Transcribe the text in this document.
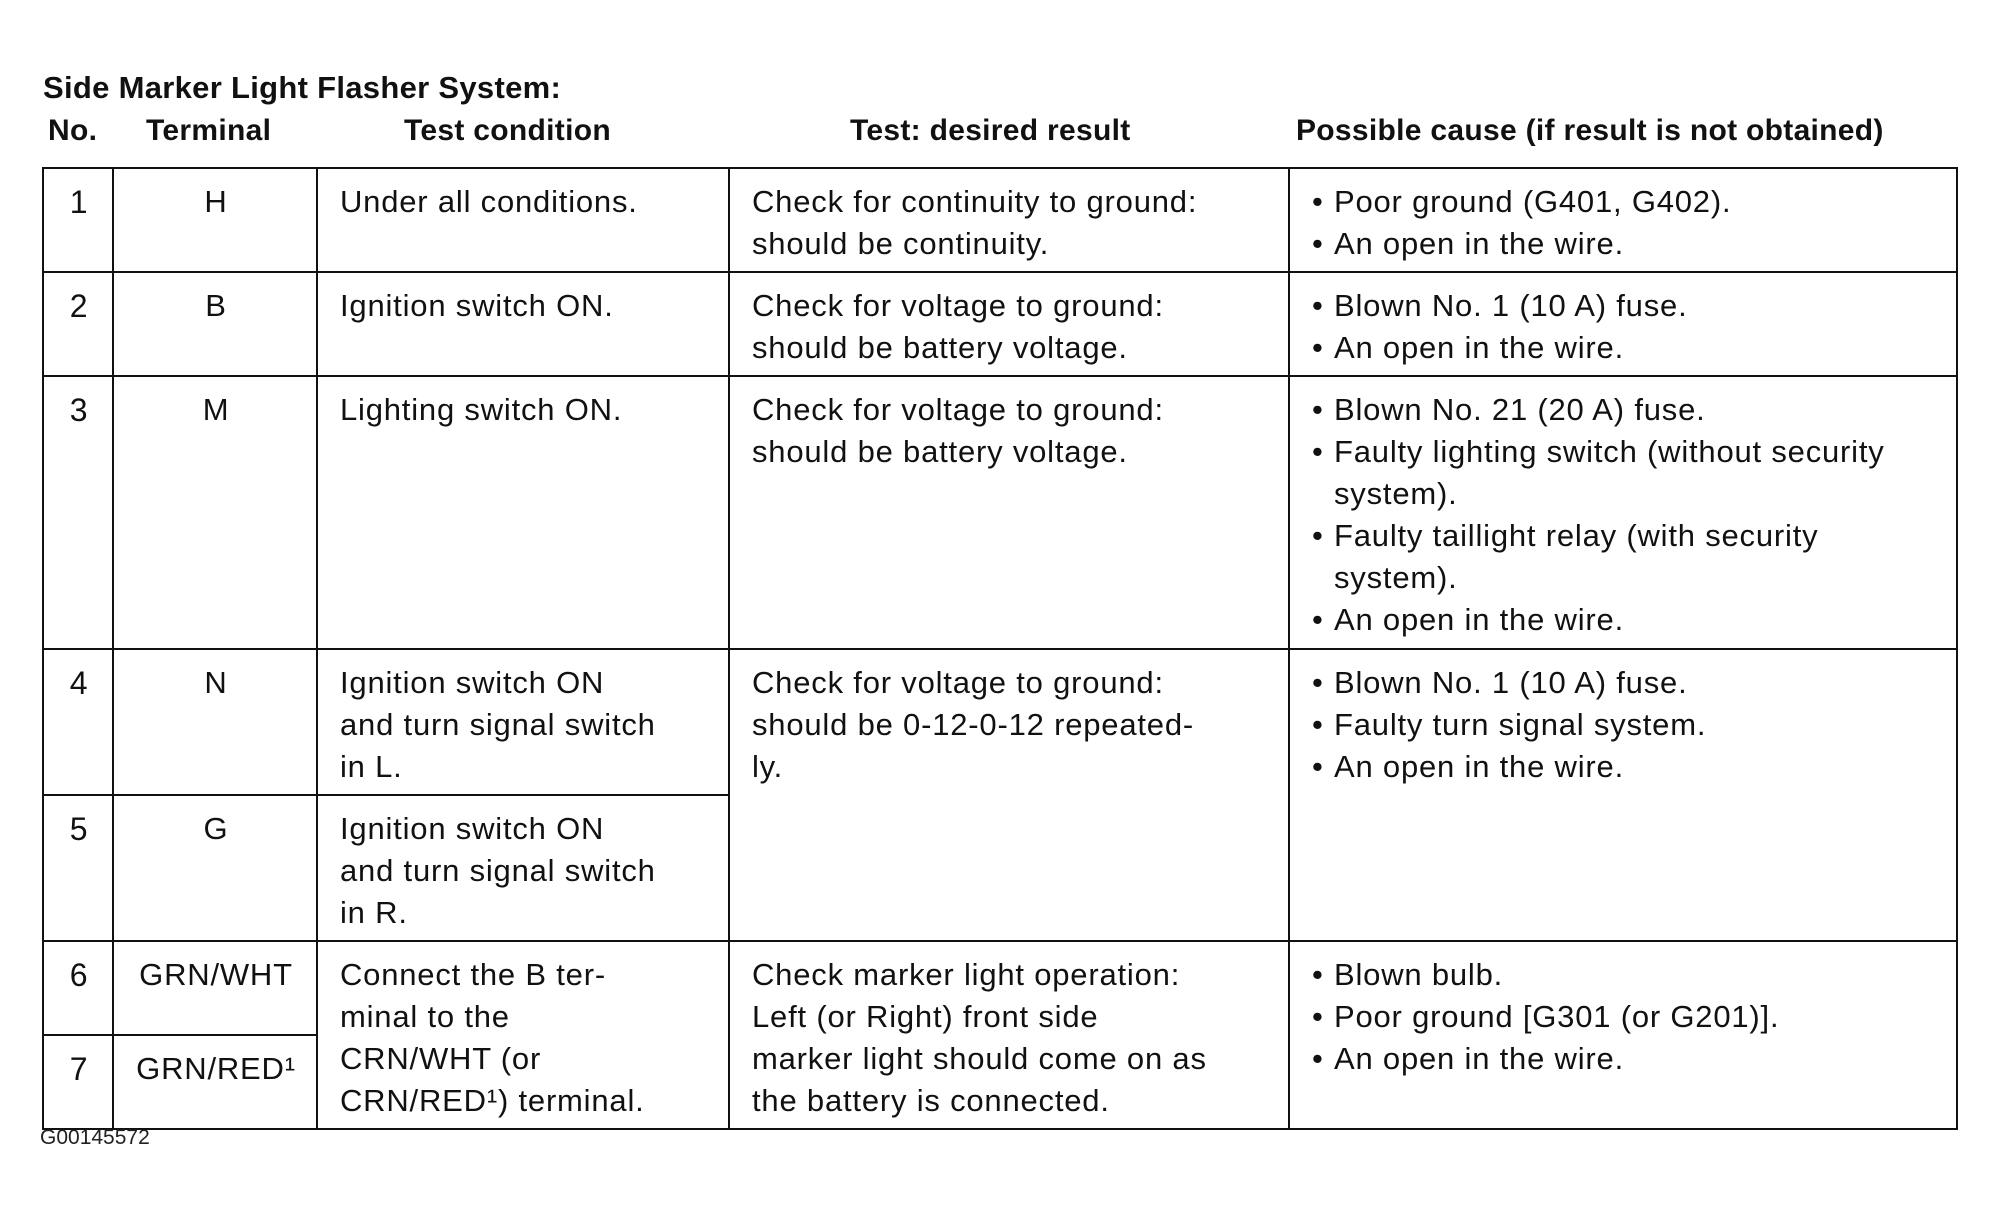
Side Marker Light Flasher System:
No. Terminal	Test condition	Test: desired result	Possible cause (if result is not obtained)
1	H	Under all conditions.	Check for continuity to ground:
should be continuity.	• Poor ground (G401, G402).
• An open in the wire.

2	B	Ignition switch ON.	Check for voltage to ground:
should be battery voltage.	• Blown No. 1 (10 A) fuse.
• An open in the wire.

3	M	Lighting switch ON.	Check for voltage to ground:
should be battery voltage.	• Blown No. 21 (20 A) fuse.
• Faulty lighting switch (without security system).
• Faulty taillight relay (with security system).
• An open in the wire.

4	N	Ignition switch ON
and turn signal switch
in L.	Check for voltage to ground:
should be 0-12-0-12 repeated-
ly.	• Blown No. 1 (10 A) fuse.
• Faulty turn signal system.
• An open in the wire.

5	G	Ignition switch ON
and turn signal switch
in R.		

6	GRN/WHT	Connect the B ter-
minal to the
CRN/WHT (or
CRN/RED¹) terminal.	Check marker light operation:
Left (or Right) front side
marker light should come on as
the battery is connected.	• Blown bulb.
• Poor ground [G301 (or G201)].
• An open in the wire.

7	GRN/RED¹			
G00145572
